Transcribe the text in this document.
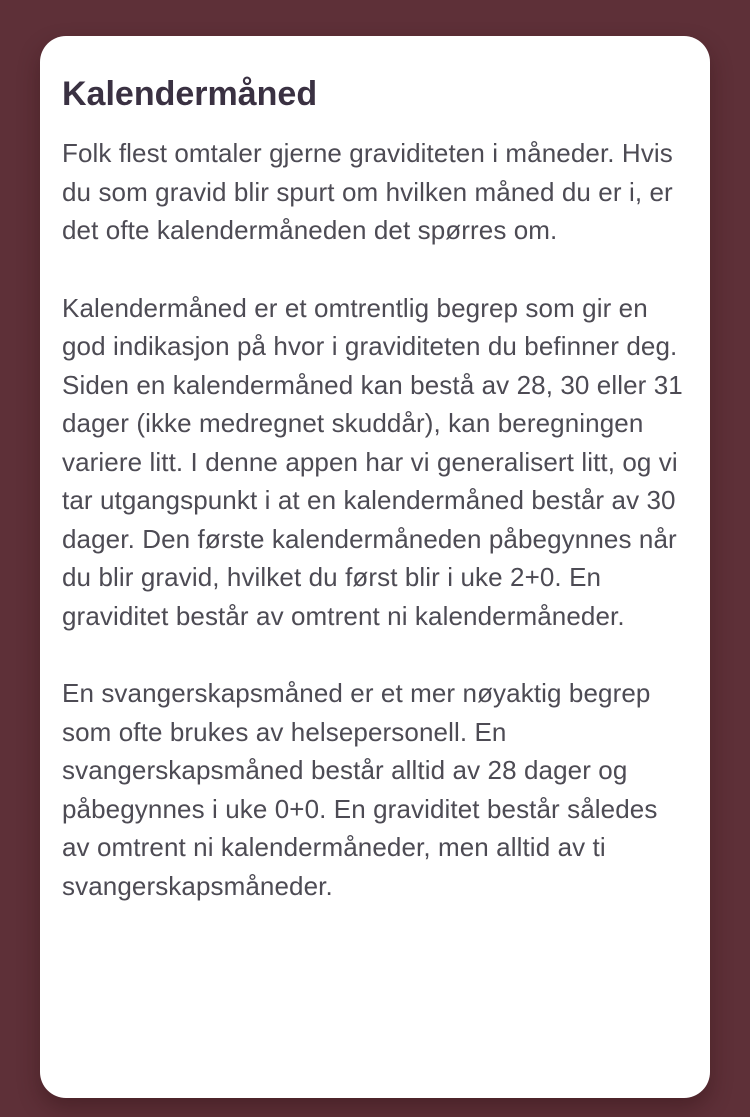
Kalendermåned

Folk flest omtaler gjerne graviditeten i måneder. Hvis du som gravid blir spurt om hvilken måned du er i, er det ofte kalendermåneden det spørres om.

Kalendermåned er et omtrentlig begrep som gir en god indikasjon på hvor i graviditeten du befinner deg. Siden en kalendermåned kan bestå av 28, 30 eller 31 dager (ikke medregnet skuddår), kan beregningen variere litt. I denne appen har vi generalisert litt, og vi tar utgangspunkt i at en kalendermåned består av 30 dager. Den første kalendermåneden påbegynnes når du blir gravid, hvilket du først blir i uke 2+0. En graviditet består av omtrent ni kalendermåneder.

En svangerskapsmåned er et mer nøyaktig begrep som ofte brukes av helsepersonell. En svangerskapsmåned består alltid av 28 dager og påbegynnes i uke 0+0. En graviditet består således av omtrent ni kalendermåneder, men alltid av ti svangerskapsmåneder.
